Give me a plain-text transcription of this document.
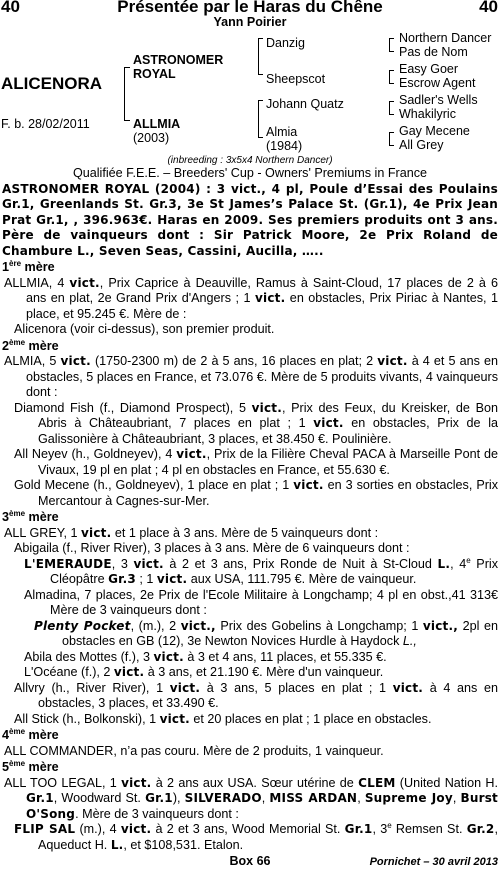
40	Présentée par le Haras du Chêne	40
Yann Poirier
ALICENORA
F. b. 28/02/2011
ASTRONOMER
ROYAL
ALLMIA
(2003)
Danzig
Sheepscot
Johann Quatz
Almia
(1984)
Northern Dancer
Pas de Nom
Easy Goer
Escrow Agent
Sadler's Wells
Whakilyric
Gay Mecene
All Grey
(inbreeding : 3x5x4 Northern Dancer)

Qualifiée F.E.E. – Breeders' Cup - Owners' Premiums in France

ASTRONOMER ROYAL (2004) : 3 vict., 4 pl, Poule d’Essai des Poulains Gr.1, Greenlands St. Gr.3, 3e St James’s Palace St. (Gr.1), 4e Prix Jean Prat Gr.1, , 396.963€. Haras en 2009. Ses premiers produits ont 3 ans. Père de vainqueurs dont : Sir Patrick Moore, 2e Prix Roland de Chambure L., Seven Seas, Cassini, Aucilla, …..

1ère mère

ALLMIA, 4 vict., Prix Caprice à Deauville, Ramus à Saint-Cloud, 17 places de 2 à 6 ans en plat, 2e Grand Prix d'Angers ; 1 vict. en obstacles, Prix Piriac à Nantes, 1 place, et 95.245 €. Mère de :

Alicenora (voir ci-dessus), son premier produit.

2ème mère

ALMIA, 5 vict. (1750-2300 m) de 2 à 5 ans, 16 places en plat; 2 vict. à 4 et 5 ans en obstacles, 5 places en France, et 73.076 €. Mère de 5 produits vivants, 4 vainqueurs dont :

Diamond Fish (f., Diamond Prospect), 5 vict., Prix des Feux, du Kreisker, de Bon Abris à Châteaubriant, 7 places en plat ; 1 vict. en obstacles, Prix de la Galissonière à Châteaubriant, 3 places, et 38.450 €. Poulinière.

All Neyev (h., Goldneyev), 4 vict., Prix de la Filière Cheval PACA à Marseille Pont de Vivaux, 19 pl en plat ; 4 pl en obstacles en France, et 55.630 €.

Gold Mecene (h., Goldneyev), 1 place en plat ; 1 vict. en 3 sorties en obstacles, Prix Mercantour à Cagnes-sur-Mer.

3ème mère

ALL GREY, 1 vict. et 1 place à 3 ans. Mère de 5 vainqueurs dont :

Abigaila (f., River River), 3 places à 3 ans. Mère de 6 vainqueurs dont :

L'EMERAUDE, 3 vict. à 2 et 3 ans, Prix Ronde de Nuit à St-Cloud L., 4e Prix Cléopâtre Gr.3 ; 1 vict. aux USA, 111.795 €. Mère de vainqueur.

Almadina, 7 places, 2e Prix de l'Ecole Militaire à Longchamp; 4 pl en obst.,41 313€ Mère de 3 vainqueurs dont :

Plenty Pocket, (m.), 2 vict., Prix des Gobelins à Longchamp; 1 vict., 2pl en obstacles en GB (12), 3e Newton Novices Hurdle à Haydock L.,

Abila des Mottes (f.), 3 vict. à 3 et 4 ans, 11 places, et 55.335 €.

L'Océane (f.), 2 vict. à 3 ans, et 21.190 €. Mère d'un vainqueur.

Allvry (h., River River), 1 vict. à 3 ans, 5 places en plat ; 1 vict. à 4 ans en obstacles, 3 places, et 33.490 €.

All Stick (h., Bolkonski), 1 vict. et 20 places en plat ; 1 place en obstacles.

4ème mère

ALL COMMANDER, n’a pas couru. Mère de 2 produits, 1 vainqueur.

5ème mère

ALL TOO LEGAL, 1 vict. à 2 ans aux USA. Sœur utérine de CLEM (United Nation H. Gr.1, Woodward St. Gr.1), SILVERADO, MISS ARDAN, Supreme Joy, Burst O'Song. Mère de 3 vainqueurs dont :

FLIP SAL (m.), 4 vict. à 2 et 3 ans, Wood Memorial St. Gr.1, 3e Remsen St. Gr.2, Aqueduct H. L., et $108,531. Etalon.

Box 66	Pornichet – 30 avril 2013
